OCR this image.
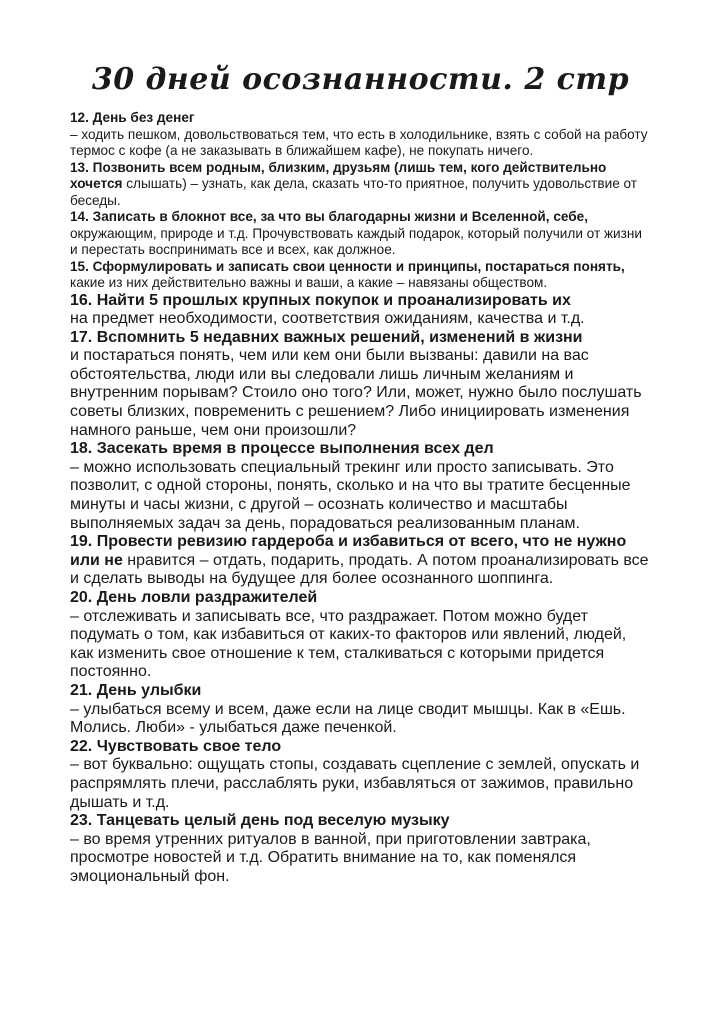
30 дней осознанности. 2 стр

12. День без денег

– ходить пешком, довольствоваться тем, что есть в холодильнике, взять с собой на работу термос с кофе (а не заказывать в ближайшем кафе), не покупать ничего.

13. Позвонить всем родным, близким, друзьям (лишь тем, кого действительно хочется слышать) – узнать, как дела, сказать что-то приятное, получить удовольствие от беседы.

14. Записать в блокнот все, за что вы благодарны жизни и Вселенной, себе, окружающим, природе и т.д. Прочувствовать каждый подарок, который получили от жизни и перестать воспринимать все и всех, как должное.

15. Сформулировать и записать свои ценности и принципы, постараться понять,

какие из них действительно важны и ваши, а какие – навязаны обществом.

16. Найти 5 прошлых крупных покупок и проанализировать их

на предмет необходимости, соответствия ожиданиям, качества и т.д.

17. Вспомнить 5 недавних важных решений, изменений в жизни

и постараться понять, чем или кем они были вызваны: давили на вас обстоятельства, люди или вы следовали лишь личным желаниям и внутренним порывам? Стоило оно того? Или, может, нужно было послушать советы близких, повременить с решением? Либо инициировать изменения намного раньше, чем они произошли?

18. Засекать время в процессе выполнения всех дел

– можно использовать специальный трекинг или просто записывать. Это позволит, с одной стороны, понять, сколько и на что вы тратите бесценные минуты и часы жизни, с другой – осознать количество и масштабы выполняемых задач за день, порадоваться реализованным планам.

19. Провести ревизию гардероба и избавиться от всего, что не нужно или не нравится – отдать, подарить, продать. А потом проанализировать все и сделать выводы на будущее для более осознанного шоппинга.

20. День ловли раздражителей

– отслеживать и записывать все, что раздражает. Потом можно будет подумать о том, как избавиться от каких-то факторов или явлений, людей, как изменить свое отношение к тем, сталкиваться с которыми придется постоянно.

21. День улыбки

– улыбаться всему и всем, даже если на лице сводит мышцы. Как в «Ешь. Молись. Люби» - улыбаться даже печенкой.

22. Чувствовать свое тело

– вот буквально: ощущать стопы, создавать сцепление с землей, опускать и распрямлять плечи, расслаблять руки, избавляться от зажимов, правильно дышать и т.д.

23. Танцевать целый день под веселую музыку

– во время утренних ритуалов в ванной, при приготовлении завтрака, просмотре новостей и т.д. Обратить внимание на то, как поменялся эмоциональный фон.
